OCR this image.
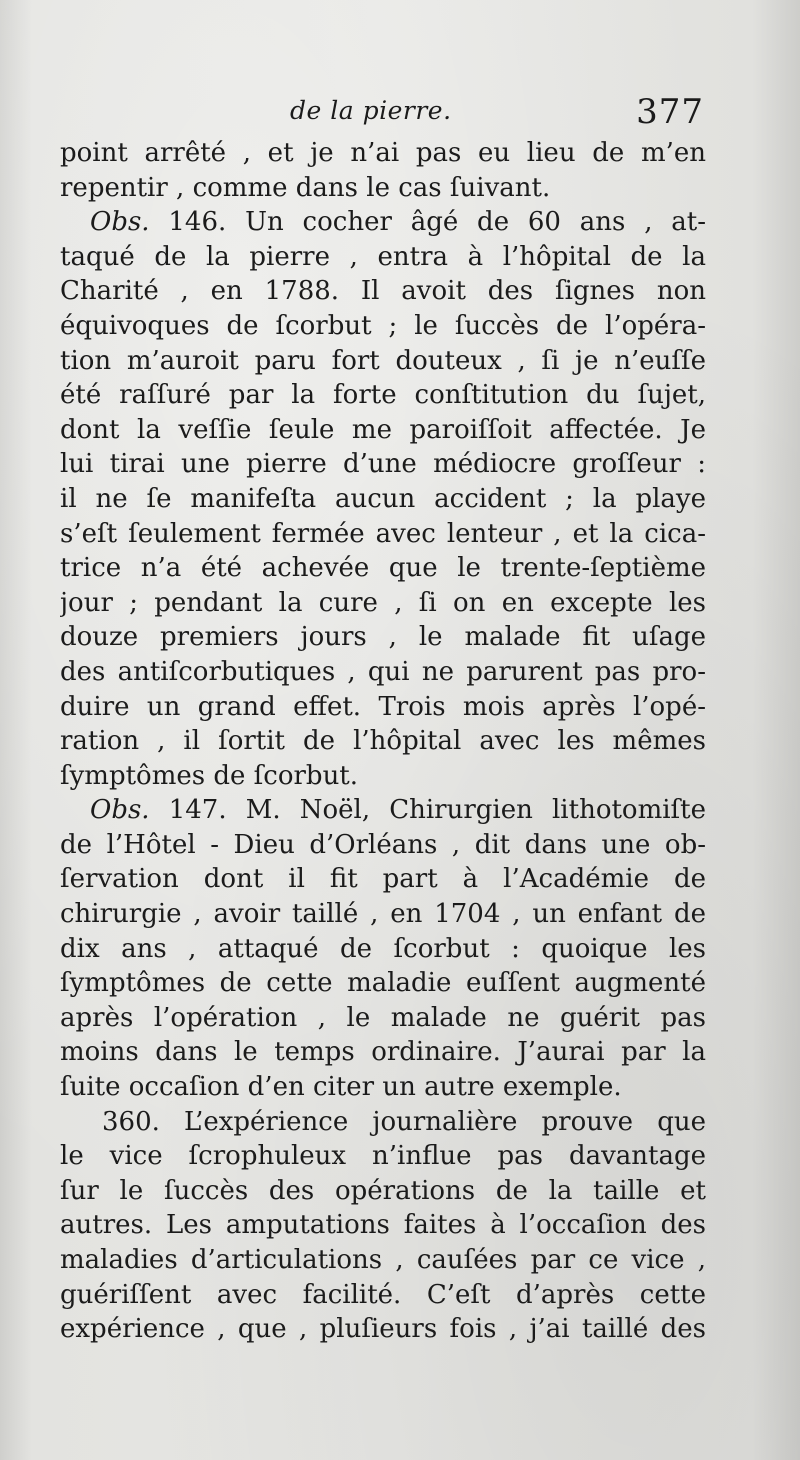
de la pierre.	377
point arrêté , et je n’ai pas eu lieu de m’en
repentir , comme dans le cas ſuivant.
Obs. 146. Un cocher âgé de 60 ans , at-
taqué de la pierre , entra à l’hôpital de la
Charité , en 1788. Il avoit des ſignes non
équivoques de ſcorbut ; le ſuccès de l’opéra-
tion m’auroit paru fort douteux , ſi je n’euſſe
été raſſuré par la forte conſtitution du ſujet,
dont la veſſie ſeule me paroiſſoit affectée. Je
lui tirai une pierre d’une médiocre groſſeur :
il ne ſe manifeſta aucun accident ; la playe
s’eſt ſeulement fermée avec lenteur , et la cica-
trice n’a été achevée que le trente-ſeptième
jour ; pendant la cure , ſi on en excepte les
douze premiers jours , le malade fit uſage
des antiſcorbutiques , qui ne parurent pas pro-
duire un grand effet. Trois mois après l’opé-
ration , il ſortit de l’hôpital avec les mêmes
ſymptômes de ſcorbut.
Obs. 147. M. Noël, Chirurgien lithotomiſte
de l’Hôtel - Dieu d’Orléans , dit dans une ob-
ſervation dont il fit part à l’Académie de
chirurgie , avoir taillé , en 1704 , un enfant de
dix ans , attaqué de ſcorbut : quoique les
ſymptômes de cette maladie euſſent augmenté
après l’opération , le malade ne guérit pas
moins dans le temps ordinaire. J’aurai par la
ſuite occaſion d’en citer un autre exemple.
360. L’expérience journalière prouve que
le vice ſcrophuleux n’influe pas davantage
ſur le ſuccès des opérations de la taille et
autres. Les amputations faites à l’occaſion des
maladies d’articulations , cauſées par ce vice ,
guériſſent avec facilité. C’eſt d’après cette
expérience , que , pluſieurs fois , j’ai taillé des
